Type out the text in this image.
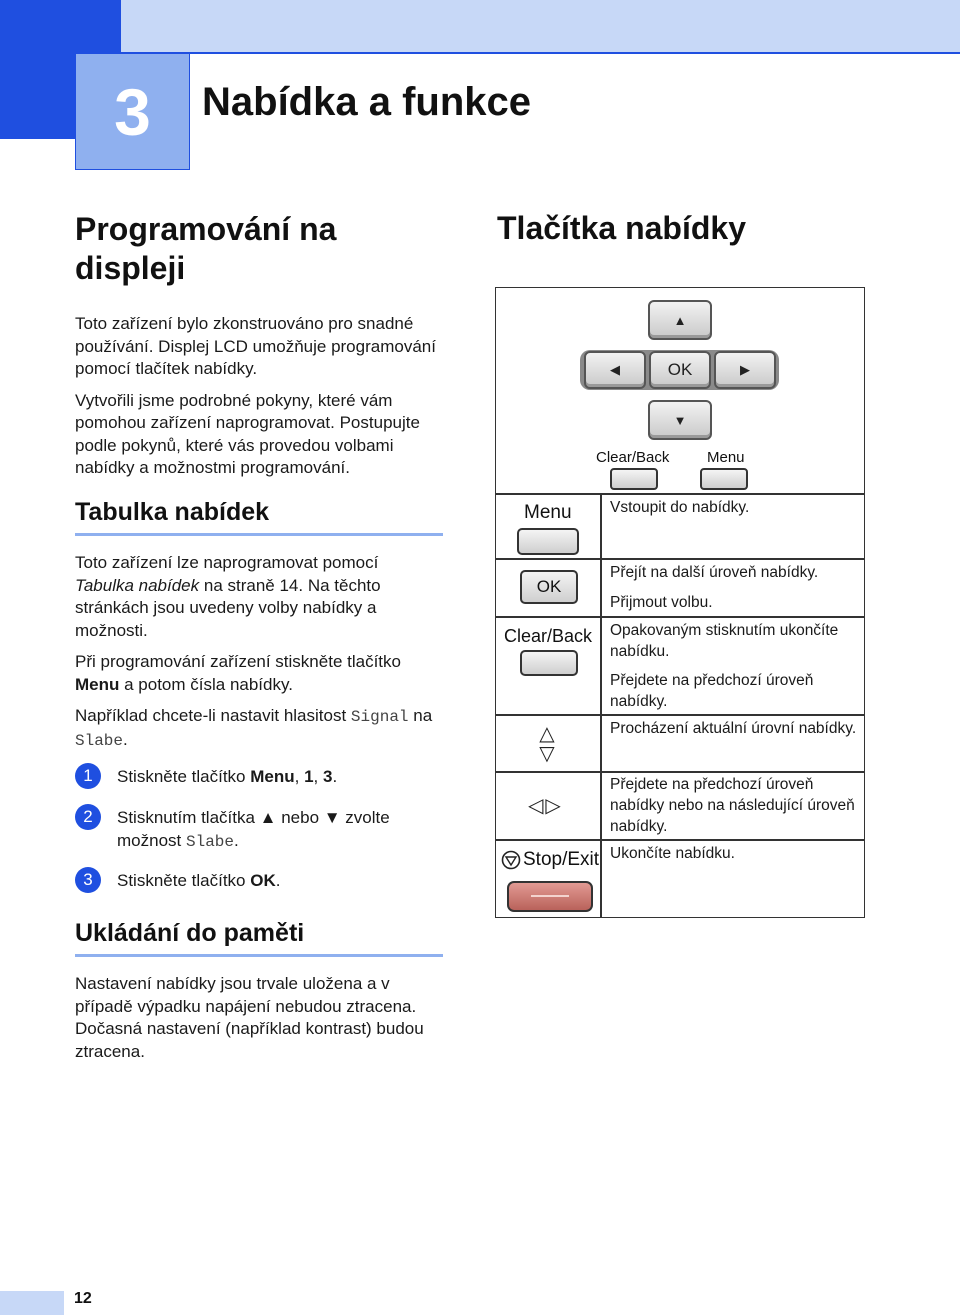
3 Nabídka a funkce
Programování na
displeji

Toto zařízení bylo zkonstruováno pro snadné používání. Displej LCD umožňuje programování pomocí tlačítek nabídky.

Vytvořili jsme podrobné pokyny, které vám pomohou zařízení naprogramovat. Postupujte podle pokynů, které vás provedou volbami nabídky a možnostmi programování.

Tabulka nabídek

Toto zařízení lze naprogramovat pomocí Tabulka nabídek na straně 14. Na těchto stránkách jsou uvedeny volby nabídky a možnosti.

Při programování zařízení stiskněte tlačítko Menu a potom čísla nabídky.

Například chcete-li nastavit hlasitost Signal na Slabe.

1	Stiskněte tlačítko Menu, 1, 3.

2	Stisknutím tlačítka ▲ nebo ▼ zvolte možnost Slabe.

3	Stiskněte tlačítko OK.

Ukládání do paměti

Nastavení nabídky jsou trvale uložena a v případě výpadku napájení nebudou ztracena. Dočasná nastavení (například kontrast) budou ztracena.

Tlačítka nabídky
▲
◀	OK	▶
▼
Clear/Back	Menu
Menu Vstoupit do nabídky.
OK
Přejít na další úroveň nabídky.
Přijmout volbu.
Clear/Back Opakovaným stisknutím ukončíte nabídku.
Přejdete na předchozí úroveň nabídky.
△▽
Procházení aktuální úrovní nabídky.
◁▷
Přejdete na předchozí úroveň nabídky nebo na následující úroveň nabídky.
Stop/Exit Ukončíte nabídku.
12
